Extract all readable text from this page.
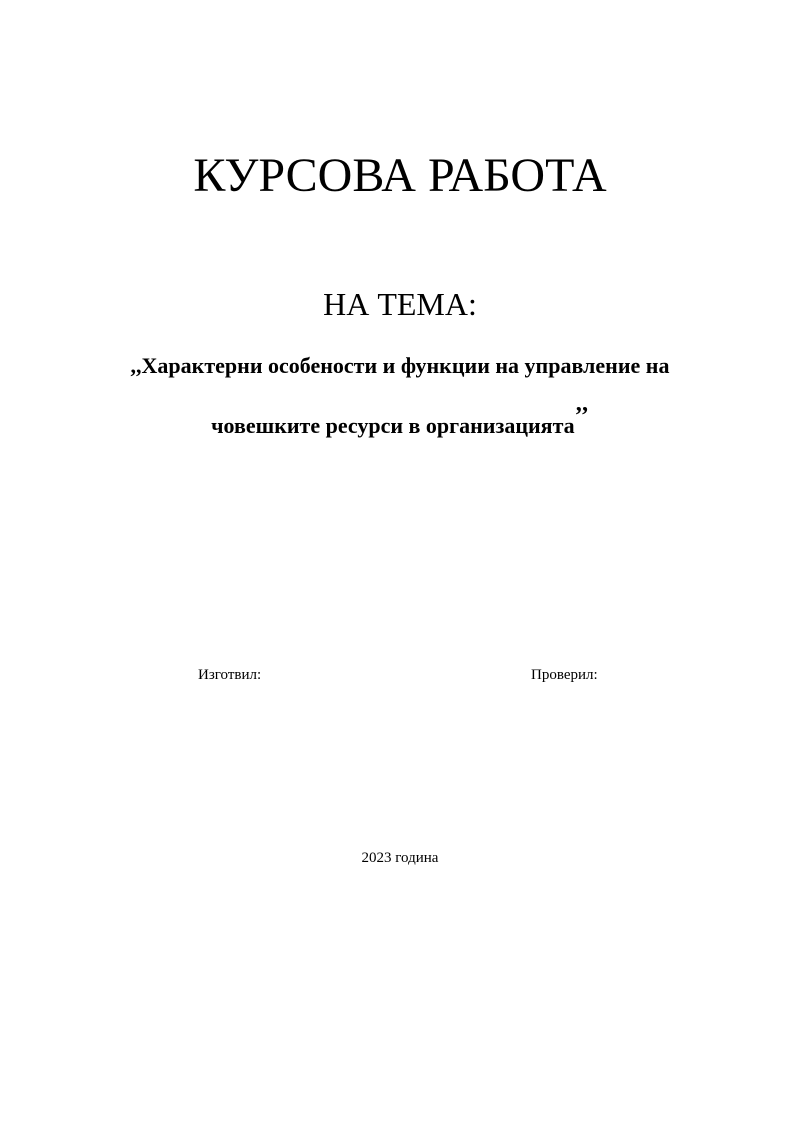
КУРСОВА РАБОТА
НА ТЕМА:
,,Характерни особености и функции на управление на
човешките ресурси в организацията’’
Изготвил:	Проверил:
2023 година
